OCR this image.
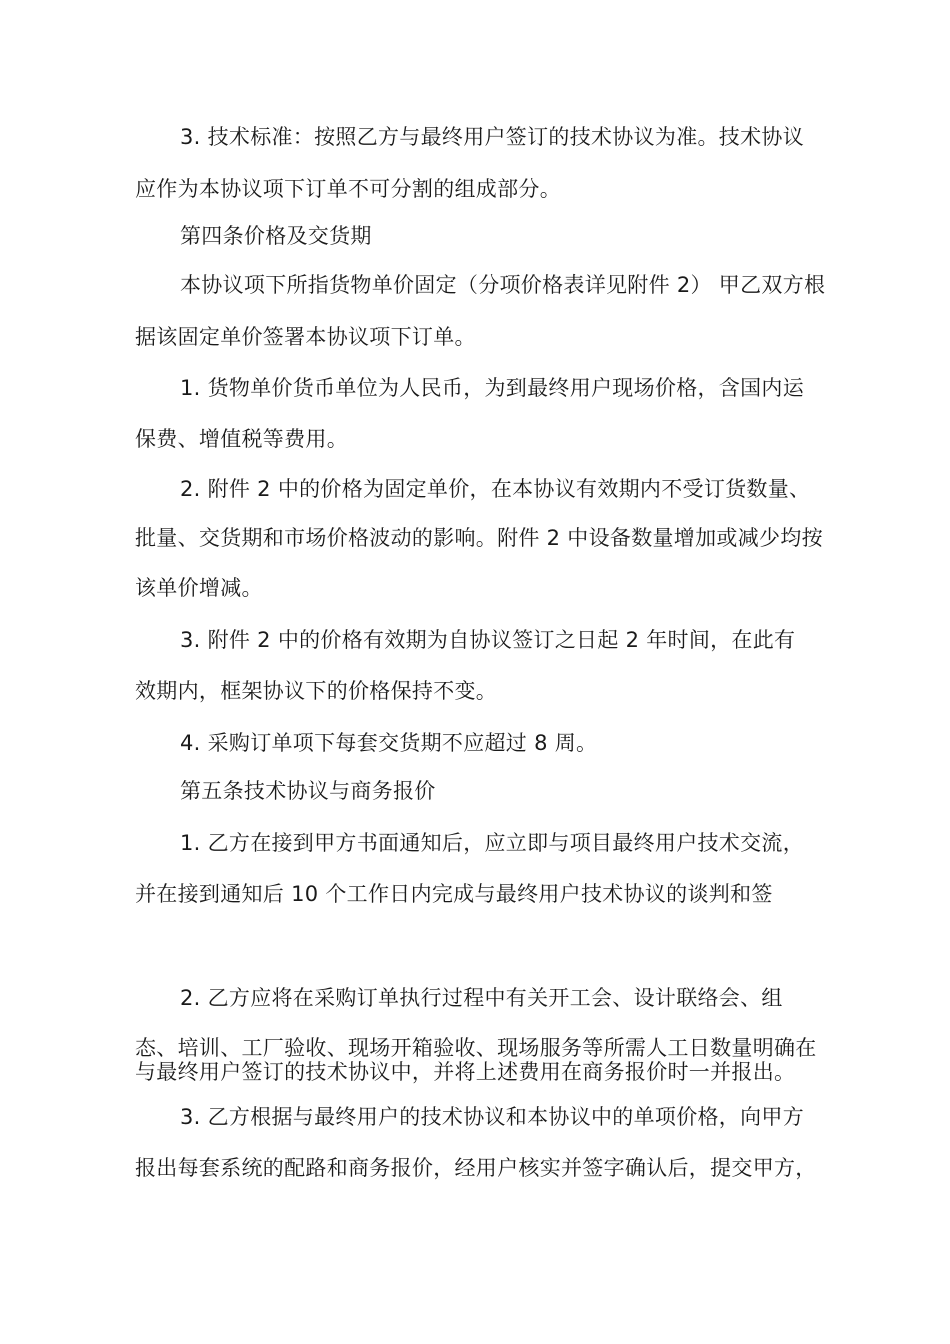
3. 技术标准：按照乙方与最终用户签订的技术协议为准。技术协议
应作为本协议项下订单不可分割的组成部分。
第四条价格及交货期
本协议项下所指货物单价固定（分项价格表详见附件 2） 甲乙双方根
据该固定单价签署本协议项下订单。
1. 货物单价货币单位为人民币，为到最终用户现场价格，含国内运
保费、增值税等费用。
2. 附件 2 中的价格为固定单价，在本协议有效期内不受订货数量、
批量、交货期和市场价格波动的影响。附件 2 中设备数量增加或减少均按
该单价增减。
3. 附件 2 中的价格有效期为自协议签订之日起 2 年时间，在此有
效期内，框架协议下的价格保持不变。
4. 采购订单项下每套交货期不应超过 8 周。
第五条技术协议与商务报价
1. 乙方在接到甲方书面通知后，应立即与项目最终用户技术交流，
并在接到通知后 10 个工作日内完成与最终用户技术协议的谈判和签
2. 乙方应将在采购订单执行过程中有关开工会、设计联络会、组
态、培训、工厂验收、现场开箱验收、现场服务等所需人工日数量明确在
与最终用户签订的技术协议中，并将上述费用在商务报价时一并报出。
3. 乙方根据与最终用户的技术协议和本协议中的单项价格，向甲方
报出每套系统的配路和商务报价，经用户核实并签字确认后，提交甲方，
